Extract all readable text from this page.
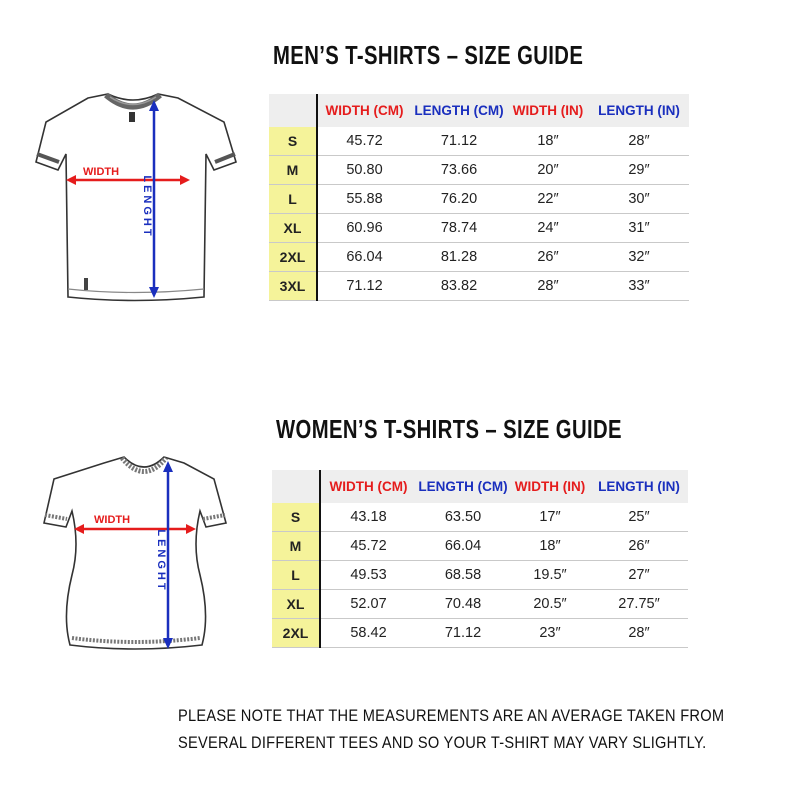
MEN’S T-SHIRTS – SIZE GUIDE
WIDTH
LENGHT
	WIDTH (CM)	LENGTH (CM)	WIDTH (IN)	LENGTH (IN)
S	45.72	71.12	18″	28″
M	50.80	73.66	20″	29″
L	55.88	76.20	22″	30″
XL	60.96	78.74	24″	31″
2XL	66.04	81.28	26″	32″
3XL	71.12	83.82	28″	33″
WOMEN’S T-SHIRTS – SIZE GUIDE
WIDTH
LENGHT
	WIDTH (CM)	LENGTH (CM)	WIDTH (IN)	LENGTH (IN)
S	43.18	63.50	17″	25″
M	45.72	66.04	18″	26″
L	49.53	68.58	19.5″	27″
XL	52.07	70.48	20.5″	27.75″
2XL	58.42	71.12	23″	28″
PLEASE NOTE THAT THE MEASUREMENTS ARE AN AVERAGE TAKEN FROM
SEVERAL DIFFERENT TEES AND SO YOUR T-SHIRT MAY VARY SLIGHTLY.
